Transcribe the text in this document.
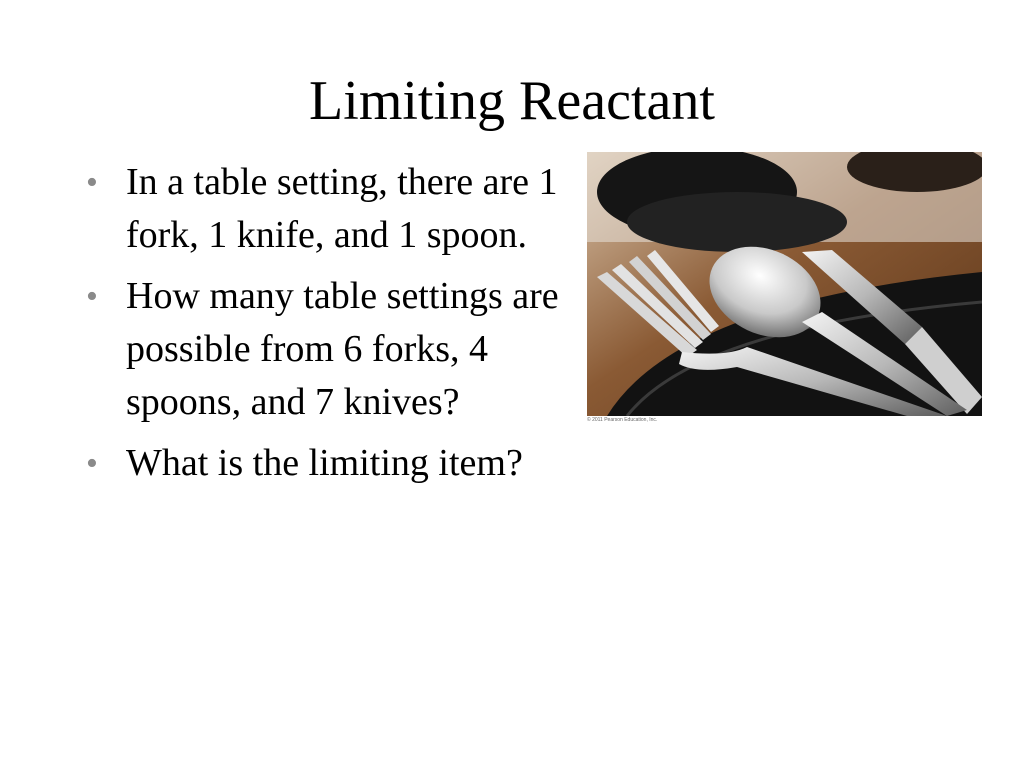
Limiting Reactant
• In a table setting, there are 1 fork, 1 knife, and 1 spoon.
• How many table settings are possible from 6 forks, 4 spoons, and 7 knives?
• What is the limiting item?
© 2011 Pearson Education, Inc.
